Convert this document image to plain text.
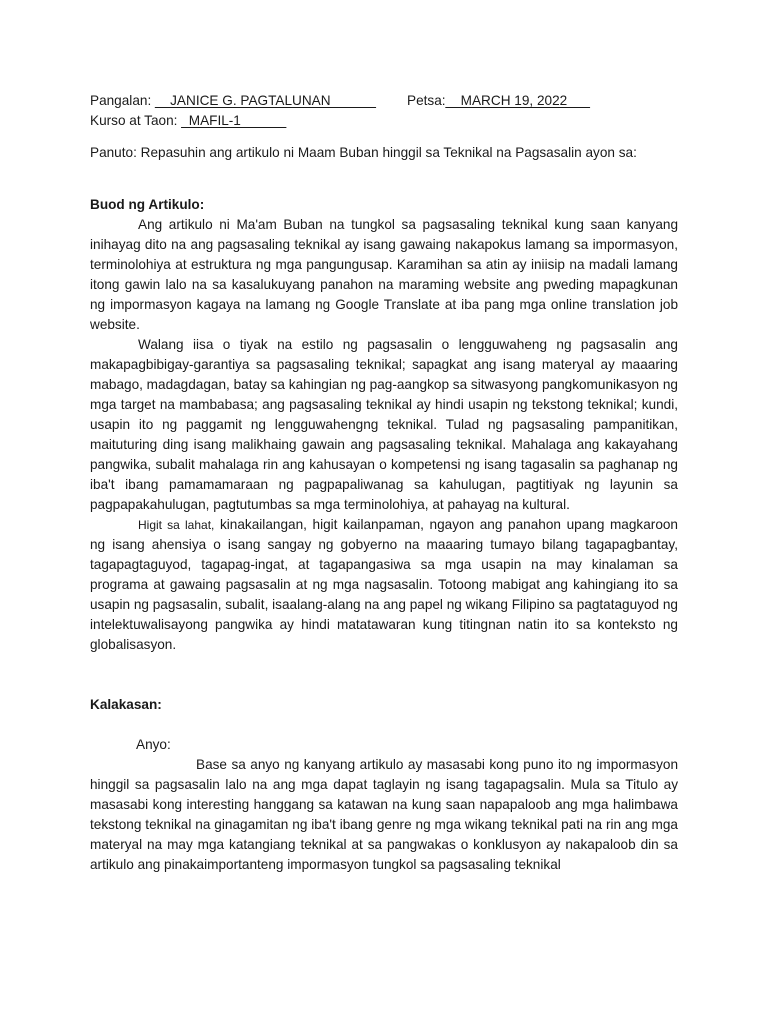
Pangalan: __JANICE G. PAGTALUNAN______ Petsa:__MARCH 19, 2022___
Kurso at Taon: _MAFIL-1______
Panuto: Repasuhin ang artikulo ni Maam Buban hinggil sa Teknikal na Pagsasalin ayon sa:
Buod ng Artikulo:

Ang artikulo ni Ma'am Buban na tungkol sa pagsasaling teknikal kung saan kanyang inihayag dito na ang pagsasaling teknikal ay isang gawaing nakapokus lamang sa impormasyon, terminolohiya at estruktura ng mga pangungusap. Karamihan sa atin ay iniisip na madali lamang itong gawin lalo na sa kasalukuyang panahon na maraming website ang pweding mapagkunan ng impormasyon kagaya na lamang ng Google Translate at iba pang mga online translation job website.

Walang iisa o tiyak na estilo ng pagsasalin o lengguwaheng ng pagsasalin ang makapagbibigay-garantiya sa pagsasaling teknikal; sapagkat ang isang materyal ay maaaring mabago, madagdagan, batay sa kahingian ng pag-aangkop sa sitwasyong pangkomunikasyon ng mga target na mambabasa; ang pagsasaling teknikal ay hindi usapin ng tekstong teknikal; kundi, usapin ito ng paggamit ng lengguwahengng teknikal. Tulad ng pagsasaling pampanitikan, maituturing ding isang malikhaing gawain ang pagsasaling teknikal. Mahalaga ang kakayahang pangwika, subalit mahalaga rin ang kahusayan o kompetensi ng isang tagasalin sa paghanap ng iba't ibang pamamamaraan ng pagpapaliwanag sa kahulugan, pagtitiyak ng layunin sa pagpapakahulugan, pagtutumbas sa mga terminolohiya, at pahayag na kultural.

Higit sa lahat, kinakailangan, higit kailanpaman, ngayon ang panahon upang magkaroon ng isang ahensiya o isang sangay ng gobyerno na maaaring tumayo bilang tagapagbantay, tagapagtaguyod, tagapag-ingat, at tagapangasiwa sa mga usapin na may kinalaman sa programa at gawaing pagsasalin at ng mga nagsasalin. Totoong mabigat ang kahingiang ito sa usapin ng pagsasalin, subalit, isaalang-alang na ang papel ng wikang Filipino sa pagtataguyod ng intelektuwalisayong pangwika ay hindi matatawaran kung titingnan natin ito sa konteksto ng globalisasyon.

Kalakasan:
Anyo:

Base sa anyo ng kanyang artikulo ay masasabi kong puno ito ng impormasyon hinggil sa pagsasalin lalo na ang mga dapat taglayin ng isang tagapagsalin. Mula sa Titulo ay masasabi kong interesting hanggang sa katawan na kung saan napapaloob ang mga halimbawa tekstong teknikal na ginagamitan ng iba't ibang genre ng mga wikang teknikal pati na rin ang mga materyal na may mga katangiang teknikal at sa pangwakas o konklusyon ay nakapaloob din sa artikulo ang pinakaimportanteng impormasyon tungkol sa pagsasaling teknikal
